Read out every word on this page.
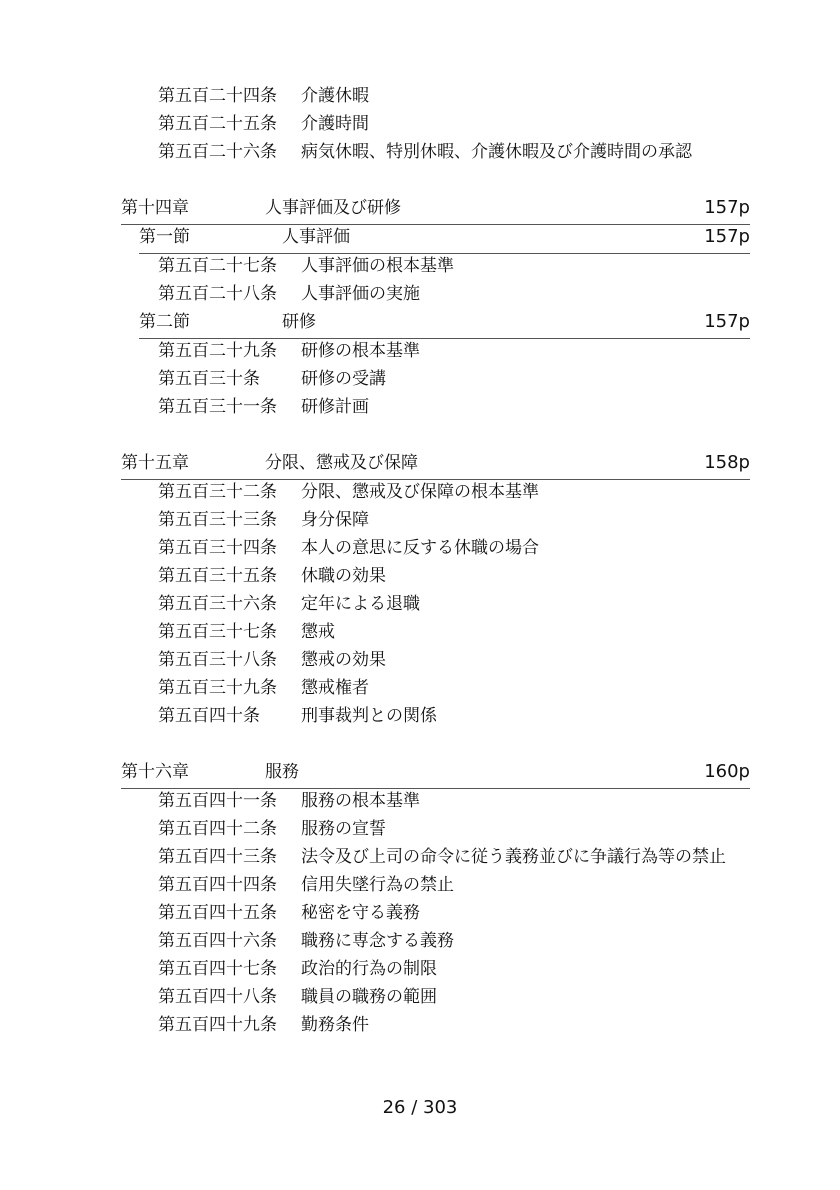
第五百二十四条 介護休暇
第五百二十五条 介護時間
第五百二十六条 病気休暇、特別休暇、介護休暇及び介護時間の承認
第十四章	人事評価及び研修	157p
第一節	人事評価	157p
第五百二十七条 人事評価の根本基準
第五百二十八条 人事評価の実施
第二節	研修	157p
第五百二十九条 研修の根本基準
第五百三十条 研修の受講
第五百三十一条 研修計画
第十五章	分限、懲戒及び保障	158p
第五百三十二条 分限、懲戒及び保障の根本基準
第五百三十三条 身分保障
第五百三十四条 本人の意思に反する休職の場合
第五百三十五条 休職の効果
第五百三十六条 定年による退職
第五百三十七条 懲戒
第五百三十八条 懲戒の効果
第五百三十九条 懲戒権者
第五百四十条 刑事裁判との関係
第十六章	服務	160p
第五百四十一条 服務の根本基準
第五百四十二条 服務の宣誓
第五百四十三条 法令及び上司の命令に従う義務並びに争議行為等の禁止
第五百四十四条 信用失墜行為の禁止
第五百四十五条 秘密を守る義務
第五百四十六条 職務に専念する義務
第五百四十七条 政治的行為の制限
第五百四十八条 職員の職務の範囲
第五百四十九条 勤務条件
26 / 303
